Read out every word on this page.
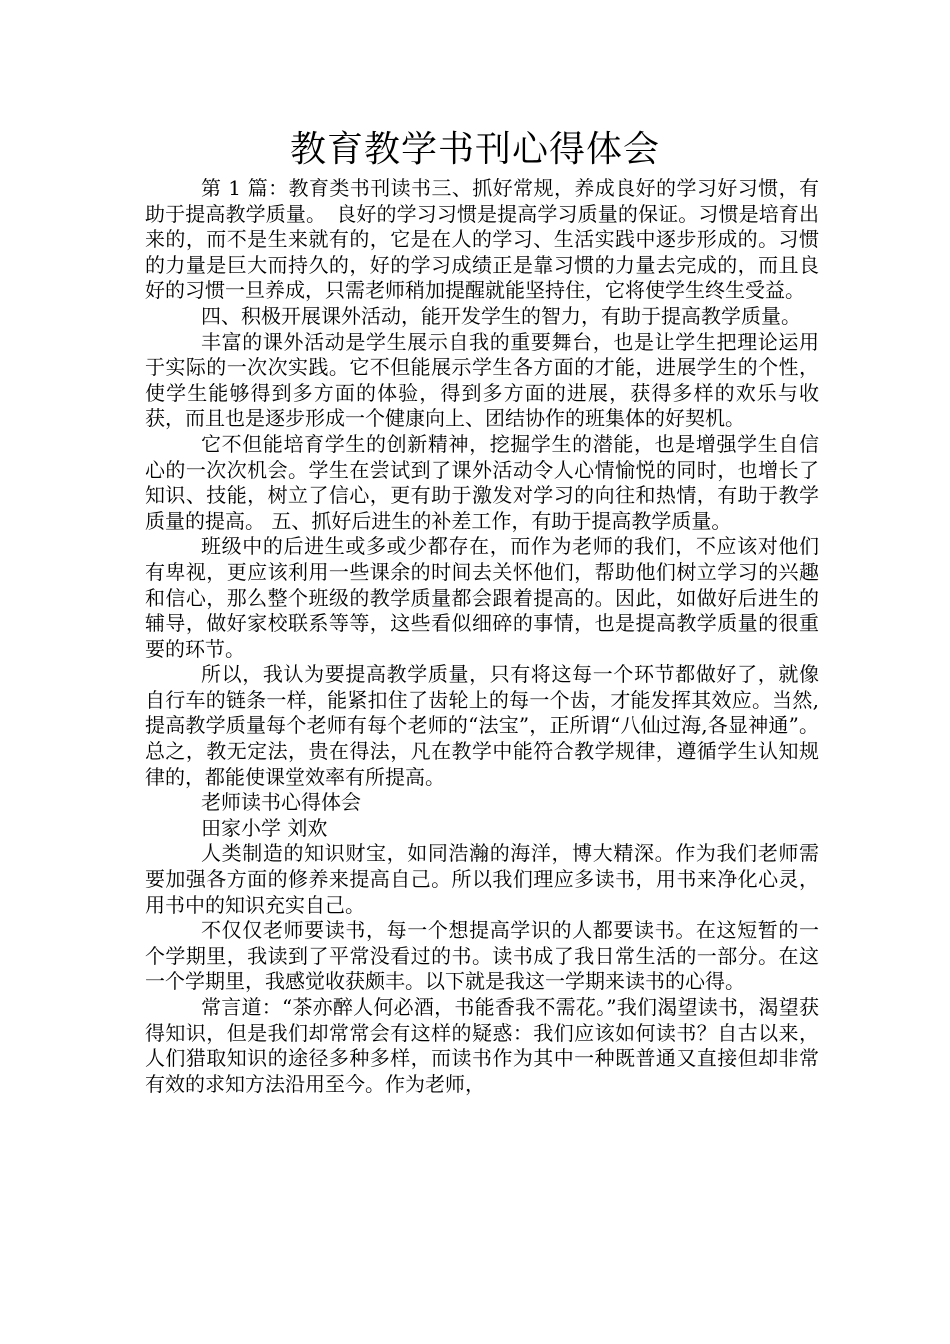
教育教学书刊心得体会

第 1 篇：教育类书刊读书三、抓好常规，养成良好的学习好习惯，有助于提高教学质量。　良好的学习习惯是提高学习质量的保证。习惯是培育出来的，而不是生来就有的，它是在人的学习、生活实践中逐步形成的。习惯的力量是巨大而持久的，好的学习成绩正是靠习惯的力量去完成的，而且良好的习惯一旦养成，只需老师稍加提醒就能坚持住，它将使学生终生受益。

四、积极开展课外活动，能开发学生的智力，有助于提高教学质量。

丰富的课外活动是学生展示自我的重要舞台，也是让学生把理论运用于实际的一次次实践。它不但能展示学生各方面的才能，进展学生的个性，使学生能够得到多方面的体验，得到多方面的进展，获得多样的欢乐与收获，而且也是逐步形成一个健康向上、团结协作的班集体的好契机。

它不但能培育学生的创新精神，挖掘学生的潜能，也是增强学生自信心的一次次机会。学生在尝试到了课外活动令人心情愉悦的同时，也增长了知识、技能，树立了信心，更有助于激发对学习的向往和热情，有助于教学质量的提高。 五、抓好后进生的补差工作，有助于提高教学质量。

班级中的后进生或多或少都存在，而作为老师的我们，不应该对他们有卑视，更应该利用一些课余的时间去关怀他们，帮助他们树立学习的兴趣和信心，那么整个班级的教学质量都会跟着提高的。因此，如做好后进生的辅导，做好家校联系等等，这些看似细碎的事情，也是提高教学质量的很重要的环节。

所以，我认为要提高教学质量，只有将这每一个环节都做好了，就像自行车的链条一样，能紧扣住了齿轮上的每一个齿，才能发挥其效应。当然,提高教学质量每个老师有每个老师的“法宝”，正所谓“八仙过海,各显神通”。总之，教无定法，贵在得法，凡在教学中能符合教学规律，遵循学生认知规律的，都能使课堂效率有所提高。

老师读书心得体会

田家小学 刘欢

人类制造的知识财宝，如同浩瀚的海洋，博大精深。作为我们老师需要加强各方面的修养来提高自己。所以我们理应多读书，用书来净化心灵，用书中的知识充实自己。

不仅仅老师要读书，每一个想提高学识的人都要读书。在这短暂的一个学期里，我读到了平常没看过的书。读书成了我日常生活的一部分。在这一个学期里，我感觉收获颇丰。以下就是我这一学期来读书的心得。

常言道：“茶亦醉人何必酒，书能香我不需花。”我们渴望读书，渴望获得知识，但是我们却常常会有这样的疑惑：我们应该如何读书？自古以来，人们猎取知识的途径多种多样，而读书作为其中一种既普通又直接但却非常有效的求知方法沿用至今。作为老师，
